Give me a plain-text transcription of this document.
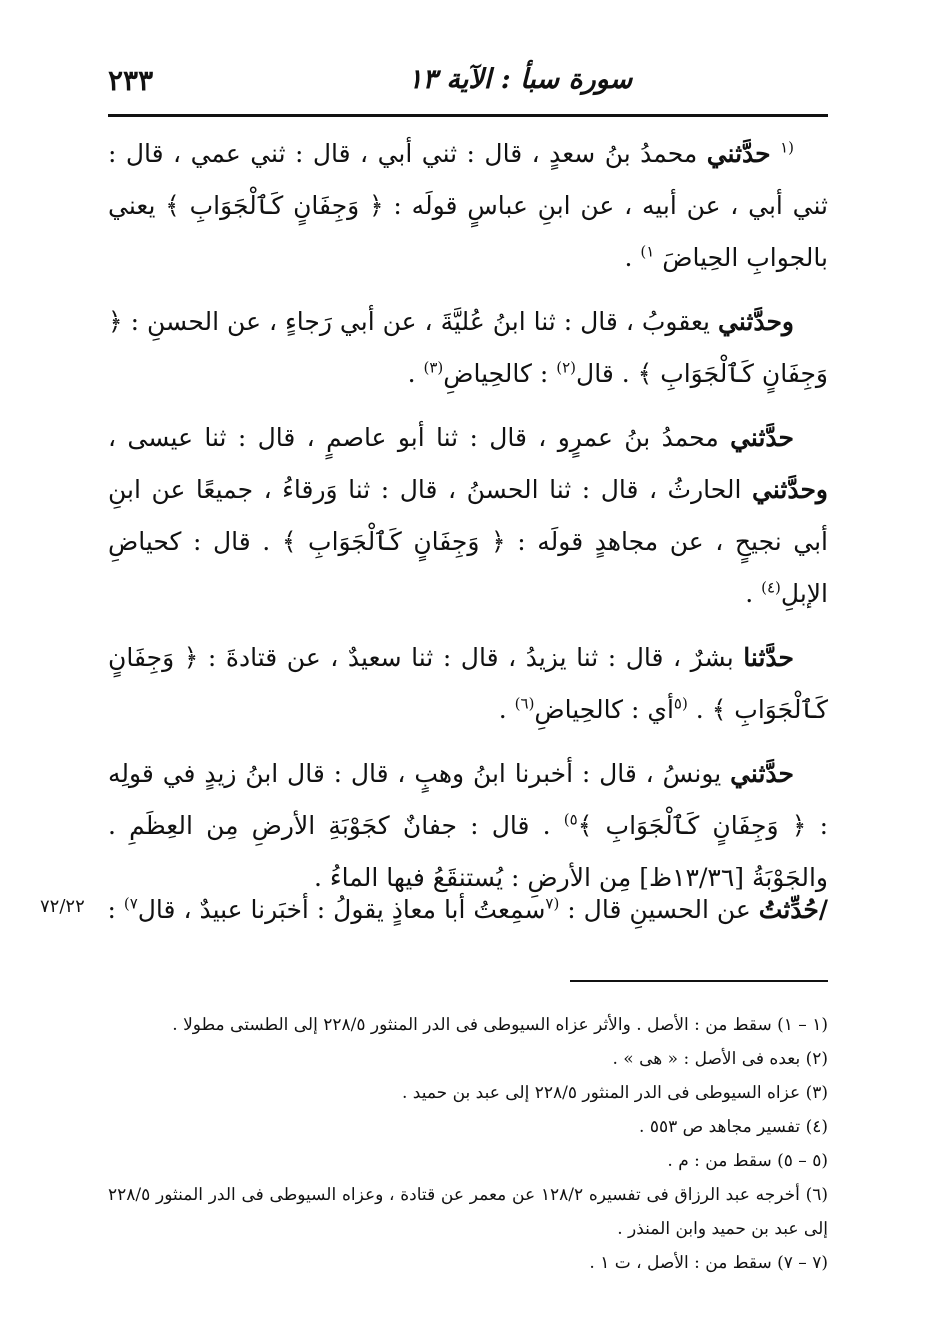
٢٣٣	سورة سبأ : الآية ١٣

$^{(١}$ حدَّثني محمدُ بنُ سعدٍ ، قال : ثني أبي ، قال : ثني عمي ، قال : ثني أبي ، عن أبيه ، عن ابنِ عباسٍ قولَه : ﴿ وَجِفَانٍ كَٱلْجَوَابِ ﴾ يعني بالجوابِ الحِياضَ $^{١)}$ .

وحدَّثني يعقوبُ ، قال : ثنا ابنُ عُليَّةَ ، عن أبي رَجاءٍ ، عن الحسنِ : ﴿ وَجِفَانٍ كَٱلْجَوَابِ ﴾ . قال$^{(٢)}$ : كالحِياضِ$^{(٣)}$ .

حدَّثني محمدُ بنُ عمرٍو ، قال : ثنا أبو عاصمٍ ، قال : ثنا عيسى ، وحدَّثني الحارثُ ، قال : ثنا الحسنُ ، قال : ثنا وَرقاءُ ، جميعًا عن ابنِ أبي نجيحٍ ، عن مجاهدٍ قولَه : ﴿ وَجِفَانٍ كَٱلْجَوَابِ ﴾ . قال : كحياضِ الإبلِ$^{(٤)}$ .

حدَّثنا بشرٌ ، قال : ثنا يزيدُ ، قال : ثنا سعيدٌ ، عن قتادةَ : ﴿ وَجِفَانٍ كَٱلْجَوَابِ ﴾ . $^{(٥}$أي : كالحِياضِ$^{(٦)}$ .

حدَّثني يونسُ ، قال : أخبرنا ابنُ وهبٍ ، قال : قال ابنُ زيدٍ في قولِه : ﴿ وَجِفَانٍ كَٱلْجَوَابِ ﴾$^{٥)}$ . قال : جفانٌ كجَوْبَةِ الأرضِ مِن العِظَمِ . والجَوْبَةُ [١٣/٣٦ظ] مِن الأرضِ : يُستنقَعُ فيها الماءُ .

/حُدِّثتُ عن الحسينِ قال : $^{(٧}$سمِعتُ أبا معاذٍ يقولُ : أخبَرنا عبيدٌ ، قال$^{٧)}$ :
٧٢/٢٢

(١ – ١) سقط من : الأصل . والأثر عزاه السيوطى فى الدر المنثور ٢٢٨/٥ إلى الطستى مطولا .

(٢) بعده فى الأصل : « هى » .

(٣) عزاه السيوطى فى الدر المنثور ٢٢٨/٥ إلى عبد بن حميد .

(٤) تفسير مجاهد ص ٥٥٣ .

(٥ – ٥) سقط من : م .

(٦) أخرجه عبد الرزاق فى تفسيره ١٢٨/٢ عن معمر عن قتادة ، وعزاه السيوطى فى الدر المنثور ٢٢٨/٥ إلى عبد بن حميد وابن المنذر .

(٧ – ٧) سقط من : الأصل ، ت ١ .
